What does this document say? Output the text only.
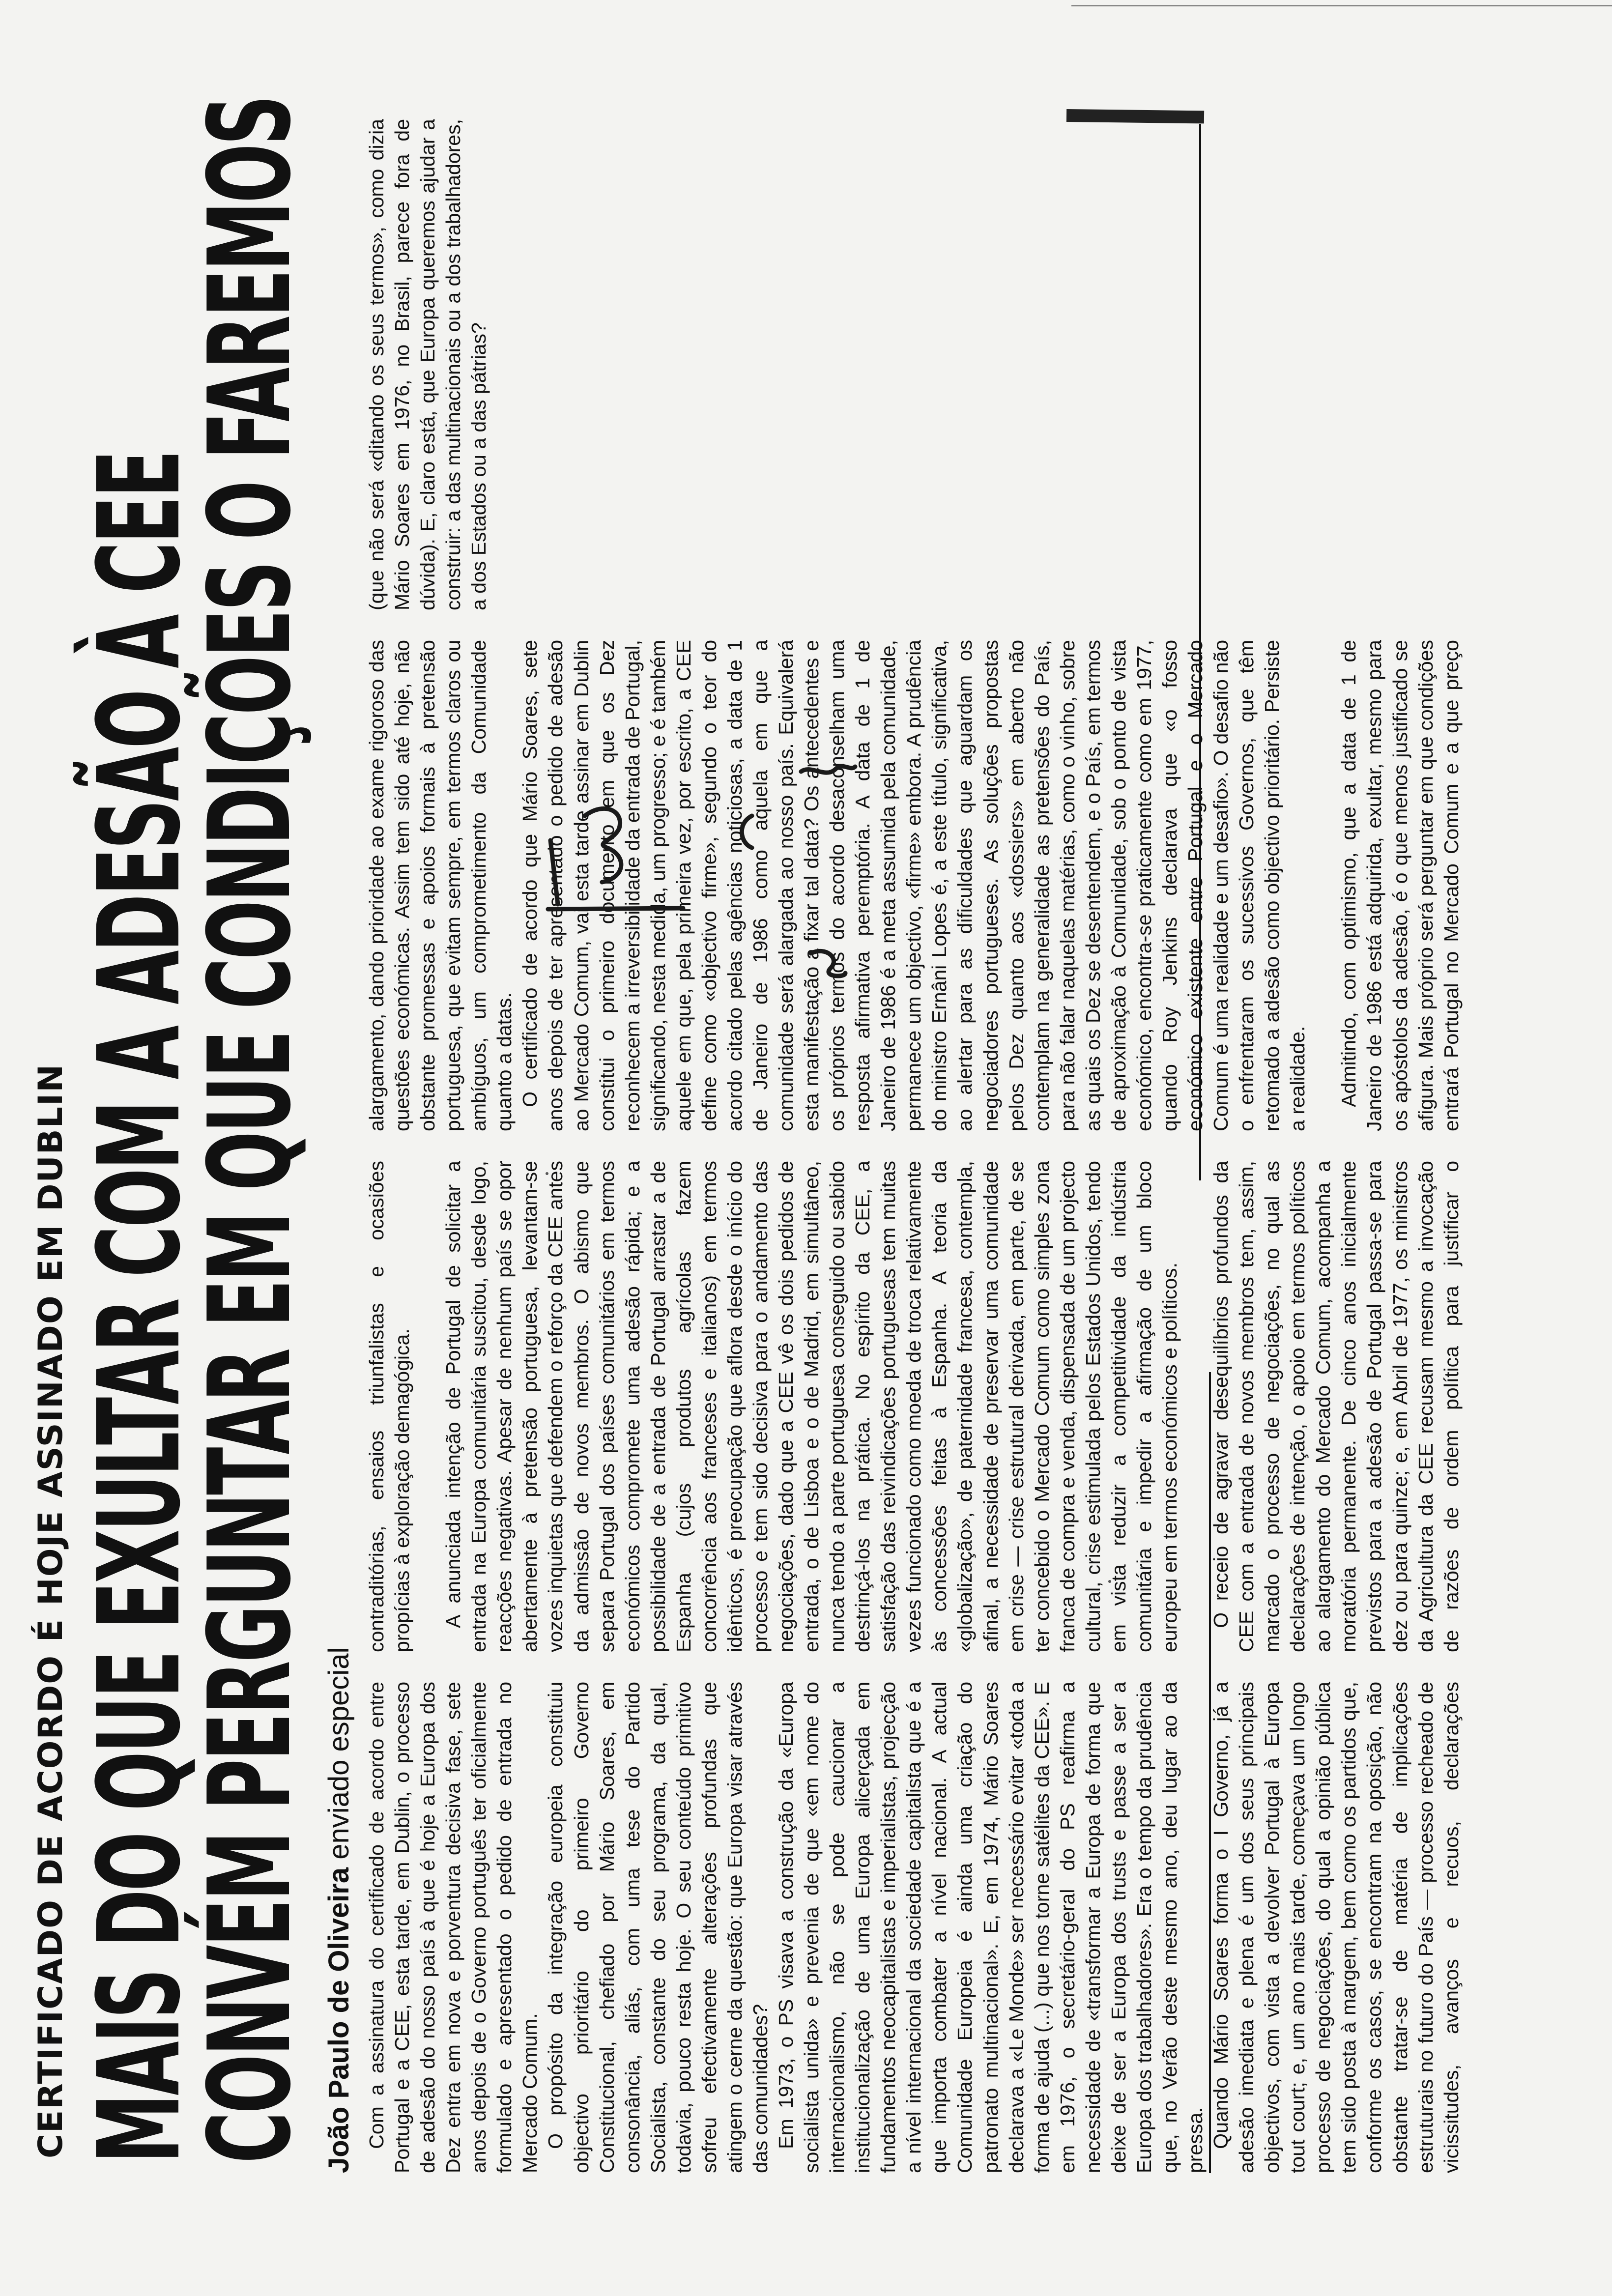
CERTIFICADO DE ACORDO É HOJE ASSINADO EM DUBLIN MAIS DO QUE EXULTAR COM A ADESÃO À CEE
CONVÉM PERGUNTAR EM QUE CONDIÇÕES O FAREMOS João Paulo de Oliveira enviado especial Com a assinatura do certificado de acordo entre Portugal e a CEE, esta tarde, em Dublin, o processo de adesão do nosso país à que é hoje a Europa dos Dez entra em nova e porventura decisiva fase, sete anos depois de o Governo português ter oficialmente formulado e apresentado o pedido de entrada no Mercado Comum. O propósito da integração europeia constituiu objectivo prioritário do primeiro Governo Constitucional, chefiado por Mário Soares, em consonância, aliás, com uma tese do Partido Socialista, constante do seu programa, da qual, todavia, pouco resta hoje. O seu conteúdo primitivo sofreu efectivamente alterações profundas que atingem o cerne da questão: que Europa visar através das comunidades? Em 1973, o PS visava a construção da «Europa socialista unida» e prevenia de que «em nome do internacionalismo, não se pode caucionar a institucionalização de uma Europa alicerçada em fundamentos neocapitalistas e imperialistas, projecção a nível internacional da sociedade capitalista que é a que importa combater a nível nacional. A actual Comunidade Europeia é ainda uma criação do patronato multinacional». E, em 1974, Mário Soares declarava a «Le Monde» ser necessário evitar «toda a forma de ajuda (...) que nos torne satélites da CEE». E em 1976, o secretário-geral do PS reafirma a necessidade de «transformar a Europa de forma que deixe de ser a Europa dos trusts e passe a ser a Europa dos trabalhadores». Era o tempo da prudência que, no Verão deste mesmo ano, deu lugar ao da pressa. Quando Mário Soares forma o I Governo, já a adesão imediata e plena é um dos seus principais objectivos, com vista a devolver Portugal à Europa tout court; e, um ano mais tarde, começava um longo processo de negociações, do qual a opinião pública tem sido posta à margem, bem como os partidos que, conforme os casos, se encontram na oposição, não obstante tratar-se de matéria de implicações estruturais no futuro do País — processo recheado de vicissitudes, avanços e recuos, declarações contraditórias, ensaios triunfalistas e ocasiões propícias à exploração demagógica.	A anunciada intenção de Portugal de solicitar a entrada na Europa comunitária suscitou, desde logo, reacções negativas. Apesar de nenhum país se opor abertamente à pretensão portuguesa, levantam-se vozes inquietas que defendem o reforço da CEE antes da admissão de novos membros. O abismo que separa Portugal dos países comunitários em termos económicos compromete uma adesão rápida; e a possibilidade de a entrada de Portugal arrastar a de Espanha (cujos produtos agrícolas fazem concorrência aos franceses e italianos) em termos idênticos, é preocupação que aflora desde o início do processo e tem sido decisiva para o andamento das negociações, dado que a CEE vê os dois pedidos de entrada, o de Lisboa e o de Madrid, em simultâneo, nunca tendo a parte portuguesa conseguido ou sabido destrinçá-los na prática. No espírito da CEE, a satisfação das reivindicações portuguesas tem muitas vezes funcionado como moeda de troca relativamente às concessões feitas à Espanha. A teoria da «globalização», de paternidade francesa, contempla, afinal, a necessidade de preservar uma comunidade em crise — crise estrutural derivada, em parte, de se ter concebido o Mercado Comum como simples zona franca de compra e venda, dispensada de um projecto cultural, crise estimulada pelos Estados Unidos, tendo em vista reduzir a competitividade da indústria comunitária e impedir a afirmação de um bloco europeu em termos económicos e políticos.	O receio de agravar desequilíbrios profundos da CEE com a entrada de novos membros tem, assim, marcado o processo de negociações, no qual as declarações de intenção, o apoio em termos políticos ao alargamento do Mercado Comum, acompanha a moratória permanente. De cinco anos inicialmente previstos para a adesão de Portugal passa-se para dez ou para quinze; e, em Abril de 1977, os ministros da Agricultura da CEE recusam mesmo a invocação de razões de ordem política para justificar o alargamento, dando prioridade ao exame rigoroso das questões económicas. Assim tem sido até hoje, não obstante promessas e apoios formais à pretensão portuguesa, que evitam sempre, em termos claros ou ambíguos, um comprometimento da Comunidade quanto a datas. O certificado de acordo que Mário Soares, sete anos depois de ter apresentado o pedido de adesão ao Mercado Comum, vai esta tarde assinar em Dublin constitui o primeiro documento em que os Dez reconhecem a irreversibilidade da entrada de Portugal, significando, nesta medida, um progresso; e é também aquele em que, pela primeira vez, por escrito, a CEE define como «objectivo firme», segundo o teor do acordo citado pelas agências noticiosas, a data de 1 de Janeiro de 1986 como aquela em que a comunidade será alargada ao nosso país. Equivalerá esta manifestação a fixar tal data? Os antecedentes e os próprios termos do acordo desaconselham uma resposta afirmativa peremptória. A data de 1 de Janeiro de 1986 é a meta assumida pela comunidade, permanece um objectivo, «firme» embora. A prudência do ministro Ernâni Lopes é, a este título, significativa, ao alertar para as dificuldades que aguardam os negociadores portugueses. As soluções propostas pelos Dez quanto aos «dossiers» em aberto não contemplam na generalidade as pretensões do País, para não falar naquelas matérias, como o vinho, sobre as quais os Dez se desentendem, e o País, em termos de aproximação à Comunidade, sob o ponto de vista económico, encontra-se praticamente como em 1977, quando Roy Jenkins declarava que «o fosso económico existente entre Portugal e o Mercado Comum é uma realidade e um desafio». O desafio não o enfrentaram os sucessivos Governos, que têm retomado a adesão como objectivo prioritário. Persiste a realidade.	Admitindo, com optimismo, que a data de 1 de Janeiro de 1986 está adquirida, exultar, mesmo para os apóstolos da adesão, é o que menos justificado se afigura. Mais próprio será perguntar em que condições entrará Portugal no Mercado Comum e a que preço (que não será «ditando os seus termos», como dizia Mário Soares em 1976, no Brasil, parece fora de dúvida). E, claro está, que Europa queremos ajudar a construir: a das multinacionais ou a dos trabalhadores, a dos Estados ou a das pátrias?
